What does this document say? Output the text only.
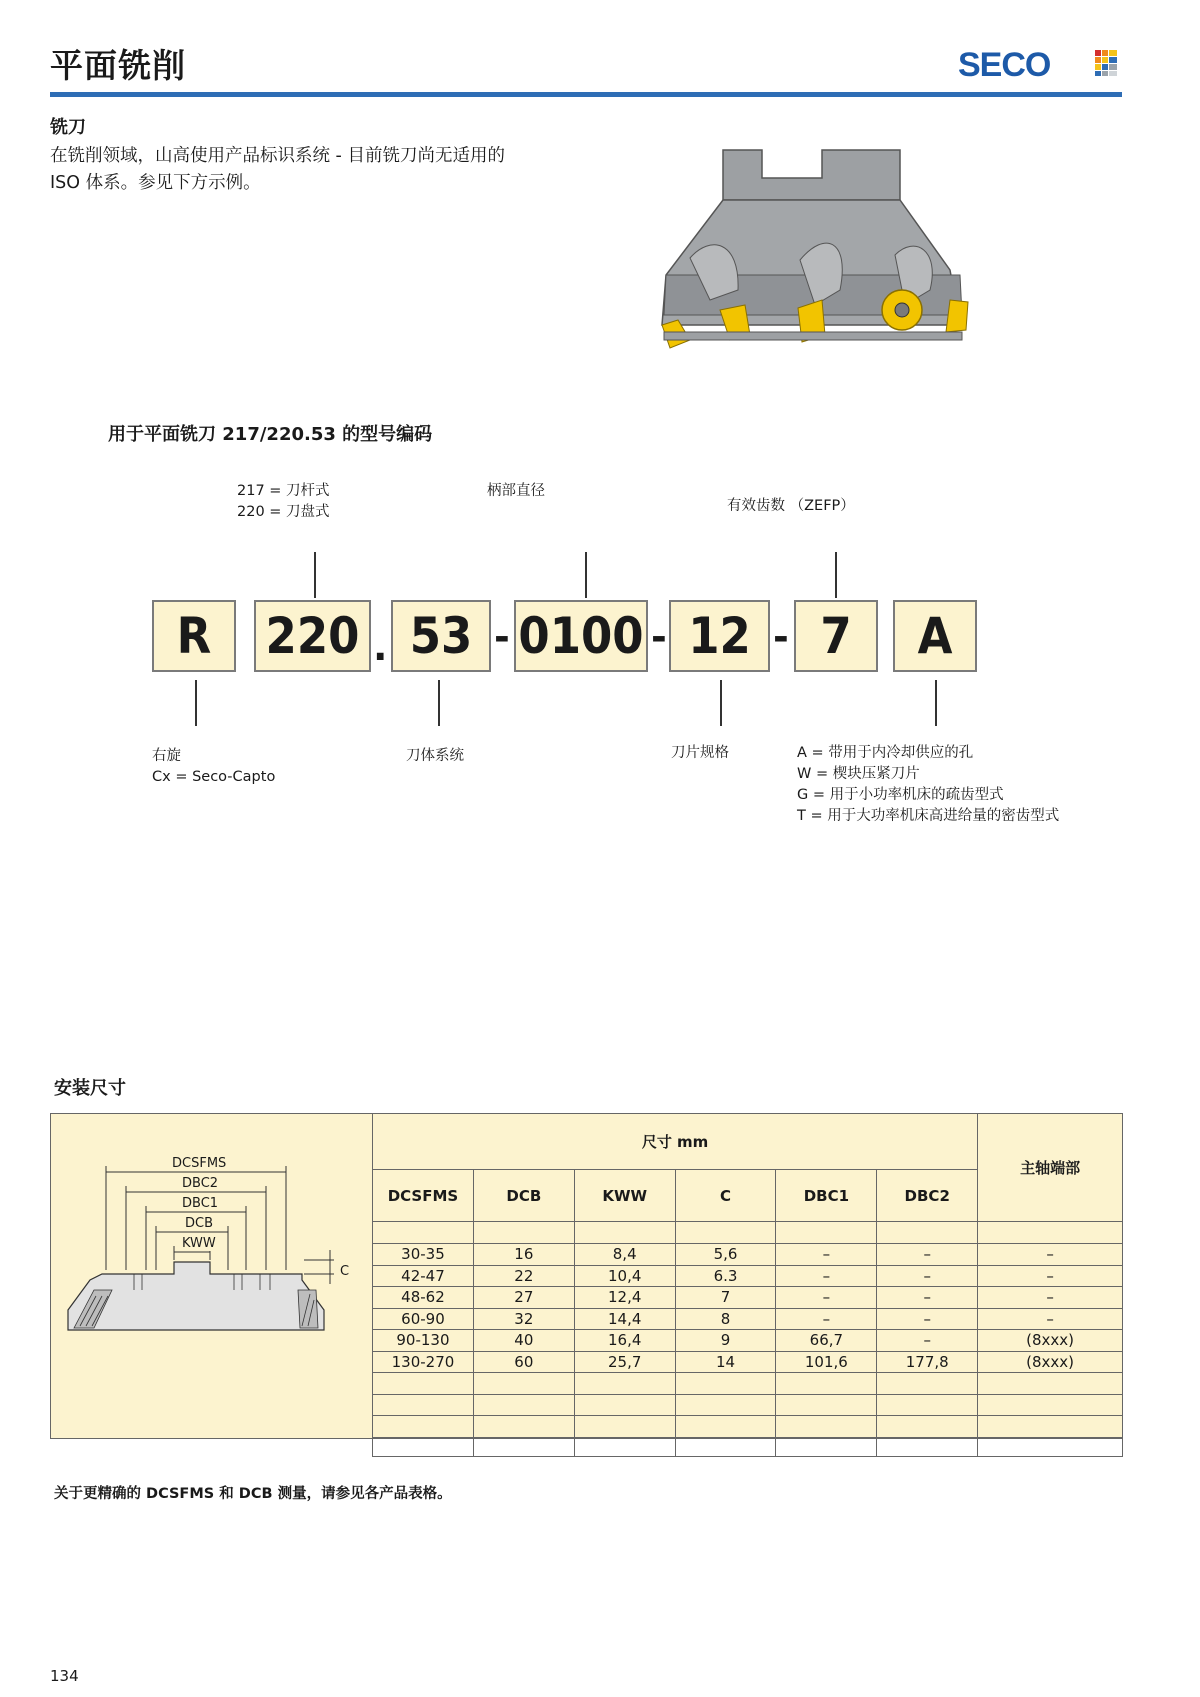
平面铣削	SECO
铣刀
在铣削领域，山高使用产品标识系统 - 目前铣刀尚无适用的
ISO 体系。参见下方示例。
用于平面铣刀 217/220.53 的型号编码
217 = 刀杆式
220 = 刀盘式
柄部直径
有效齿数 （ZEFP）
R	220 . 53 - 0100 - 12 - 7	A
右旋
Cx = Seco-Capto
刀体系统	刀片规格	A = 带用于内冷却供应的孔
W = 楔块压紧刀片
G = 用于小功率机床的疏齿型式
T = 用于大功率机床高进给量的密齿型式
安装尺寸
DCSFMS
DBC2
DBC1
DCB
KWW
C
尺寸 mm						主轴端部
DCSFMS	DCB	KWW	C	DBC1	DBC2	

30-35	16	8,4	5,6	–	–	–
42-47	22	10,4	6.3	–	–	–
48-62	27	12,4	7	–	–	–
60-90	32	14,4	8	–	–	–
90-130	40	16,4	9	66,7	–	(8xxx)
130-270	60	25,7	14	101,6	177,8	(8xxx)

关于更精确的 DCSFMS 和 DCB 测量，请参见各产品表格。
134
